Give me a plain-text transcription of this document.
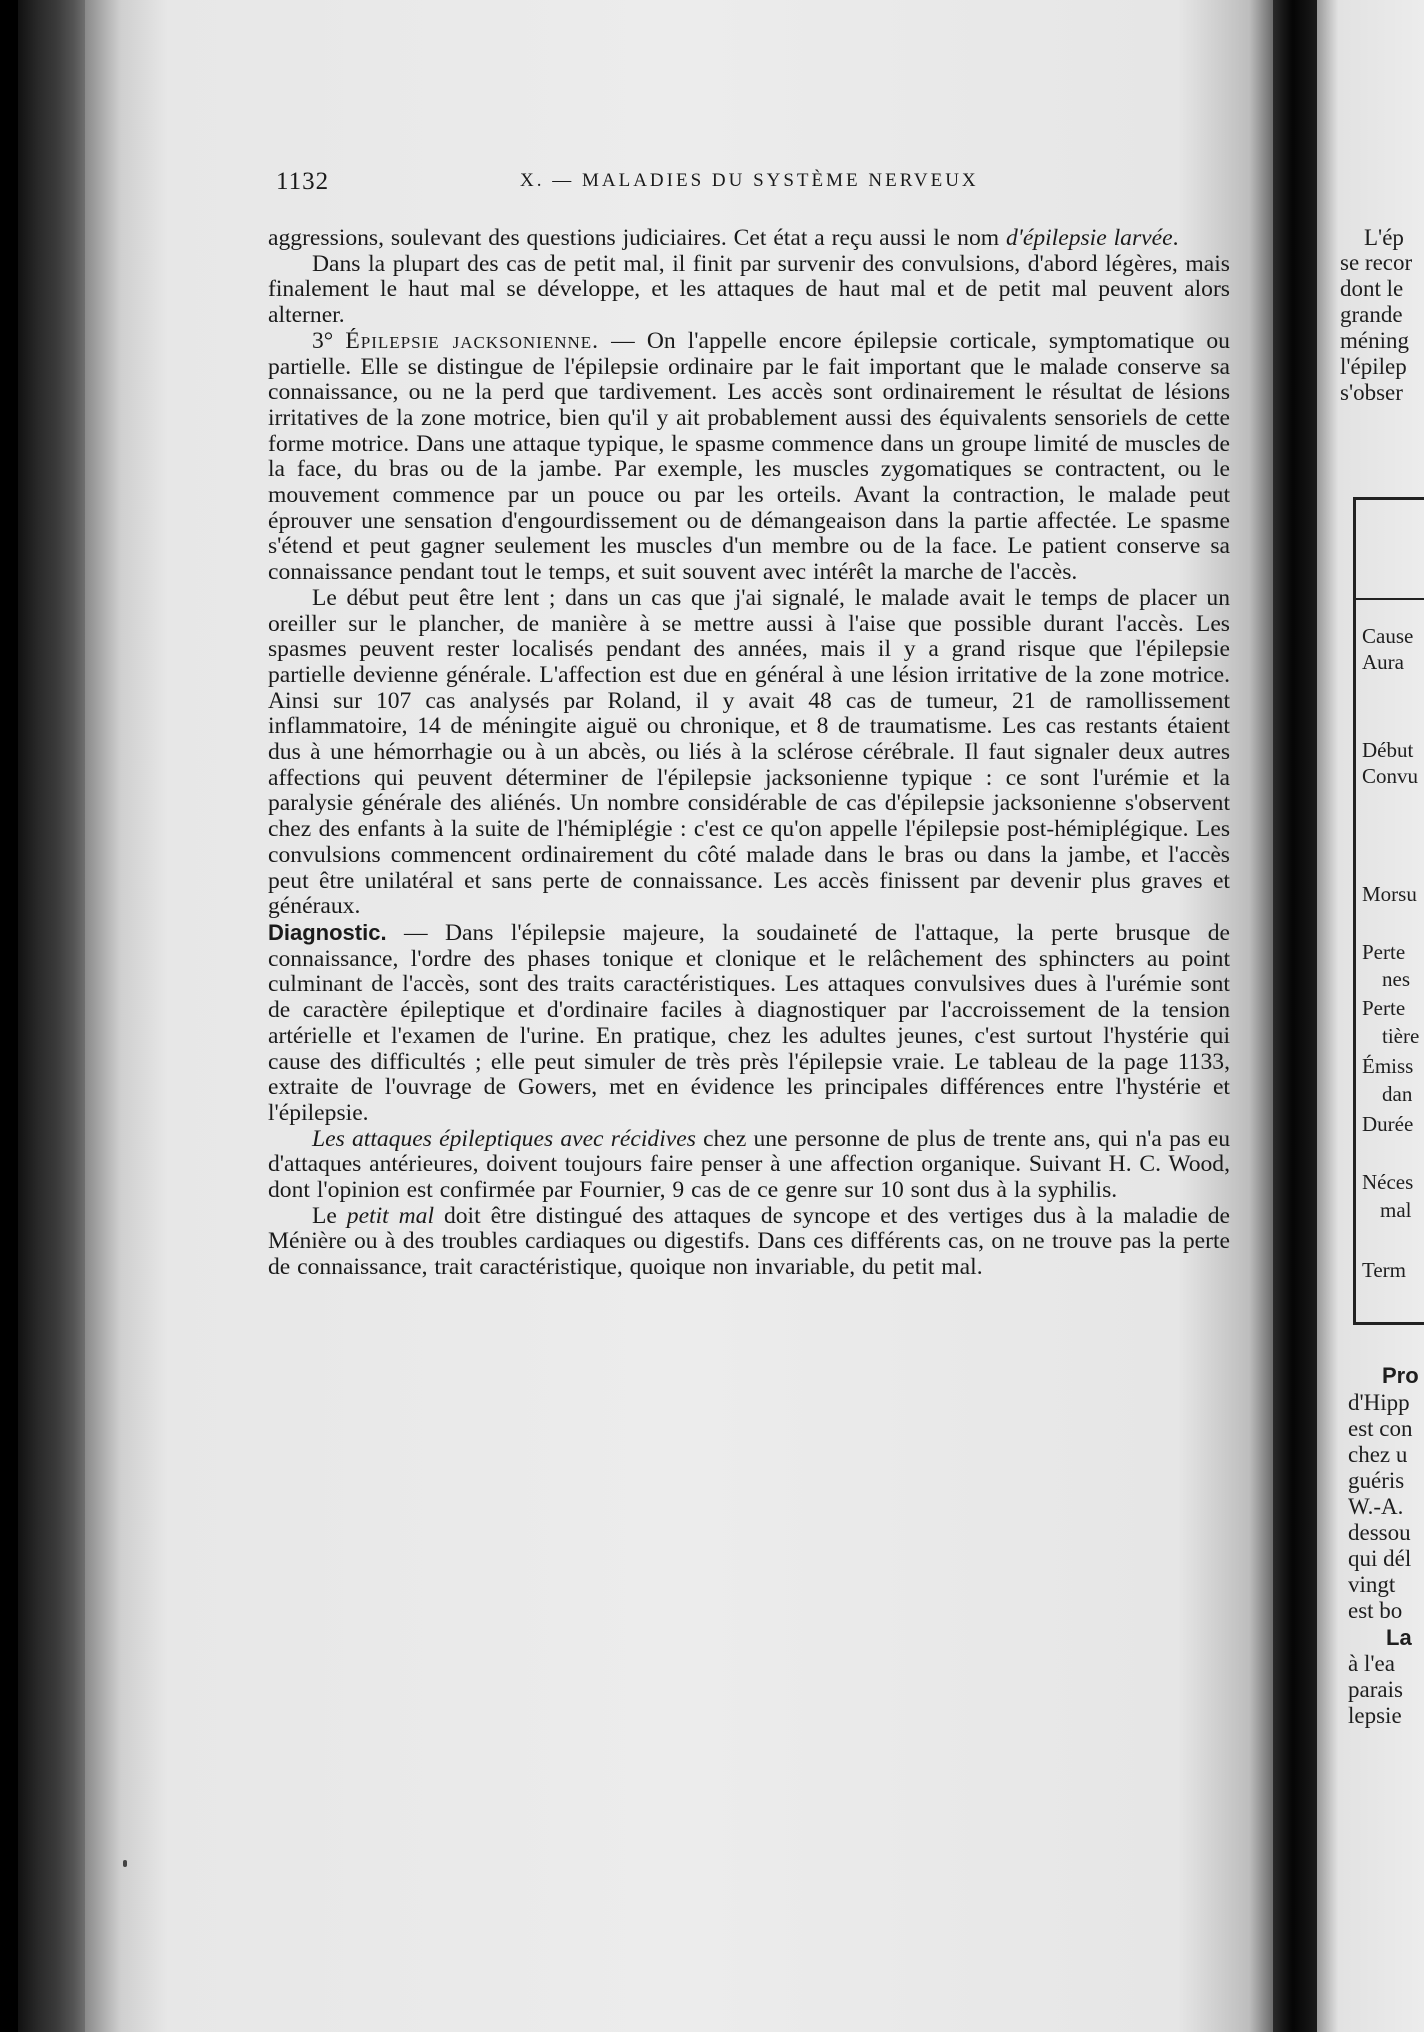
1132	X. — MALADIES DU SYSTÈME NERVEUX

aggressions, soulevant des questions judiciaires. Cet état a reçu aussi le nom d'épilepsie larvée.

Dans la plupart des cas de petit mal, il finit par survenir des convulsions, d'abord légères, mais finalement le haut mal se développe, et les attaques de haut mal et de petit mal peuvent alors alterner.

3° Épilepsie jacksonienne. — On l'appelle encore épilepsie corticale, symptomatique ou partielle. Elle se distingue de l'épilepsie ordinaire par le fait important que le malade conserve sa connaissance, ou ne la perd que tardivement. Les accès sont ordinairement le résultat de lésions irritatives de la zone motrice, bien qu'il y ait probablement aussi des équivalents sensoriels de cette forme motrice. Dans une attaque typique, le spasme commence dans un groupe limité de muscles de la face, du bras ou de la jambe. Par exemple, les muscles zygomatiques se contractent, ou le mouvement commence par un pouce ou par les orteils. Avant la contraction, le malade peut éprouver une sensation d'engourdissement ou de démangeaison dans la partie affectée. Le spasme s'étend et peut gagner seulement les muscles d'un membre ou de la face. Le patient conserve sa connaissance pendant tout le temps, et suit souvent avec intérêt la marche de l'accès.

Le début peut être lent ; dans un cas que j'ai signalé, le malade avait le temps de placer un oreiller sur le plancher, de manière à se mettre aussi à l'aise que possible durant l'accès. Les spasmes peuvent rester localisés pendant des années, mais il y a grand risque que l'épilepsie partielle devienne générale. L'affection est due en général à une lésion irritative de la zone motrice. Ainsi sur 107 cas analysés par Roland, il y avait 48 cas de tumeur, 21 de ramollissement inflammatoire, 14 de méningite aiguë ou chronique, et 8 de traumatisme. Les cas restants étaient dus à une hémorrhagie ou à un abcès, ou liés à la sclérose cérébrale. Il faut signaler deux autres affections qui peuvent déterminer de l'épilepsie jacksonienne typique : ce sont l'urémie et la paralysie générale des aliénés. Un nombre considérable de cas d'épilepsie jacksonienne s'observent chez des enfants à la suite de l'hémiplégie : c'est ce qu'on appelle l'épilepsie post-hémiplégique. Les convulsions commencent ordinairement du côté malade dans le bras ou dans la jambe, et l'accès peut être unilatéral et sans perte de connaissance. Les accès finissent par devenir plus graves et généraux.

Diagnostic. — Dans l'épilepsie majeure, la soudaineté de l'attaque, la perte brusque de connaissance, l'ordre des phases tonique et clonique et le relâchement des sphincters au point culminant de l'accès, sont des traits caractéristiques. Les attaques convulsives dues à l'urémie sont de caractère épileptique et d'ordinaire faciles à diagnostiquer par l'accroissement de la tension artérielle et l'examen de l'urine. En pratique, chez les adultes jeunes, c'est surtout l'hystérie qui cause des difficultés ; elle peut simuler de très près l'épilepsie vraie. Le tableau de la page 1133, extraite de l'ouvrage de Gowers, met en évidence les principales différences entre l'hystérie et l'épilepsie.

Les attaques épileptiques avec récidives chez une personne de plus de trente ans, qui n'a pas eu d'attaques antérieures, doivent toujours faire penser à une affection organique. Suivant H. C. Wood, dont l'opinion est confirmée par Fournier, 9 cas de ce genre sur 10 sont dus à la syphilis.

Le petit mal doit être distingué des attaques de syncope et des vertiges dus à la maladie de Ménière ou à des troubles cardiaques ou digestifs. Dans ces différents cas, on ne trouve pas la perte de connaissance, trait caractéristique, quoique non invariable, du petit mal.

L'ép
se recor
dont le
grande
méning
l'épilep
s'obser
Cause
Aura
Début
Convu
Morsu
Perte
nes
Perte
tière
Émiss
dan
Durée
Néces
mal
Term
Pro
d'Hipp
est con
chez u
guéris
W.-A.
dessou
qui dél
vingt
est bo
La
à l'ea
parais
lepsie
